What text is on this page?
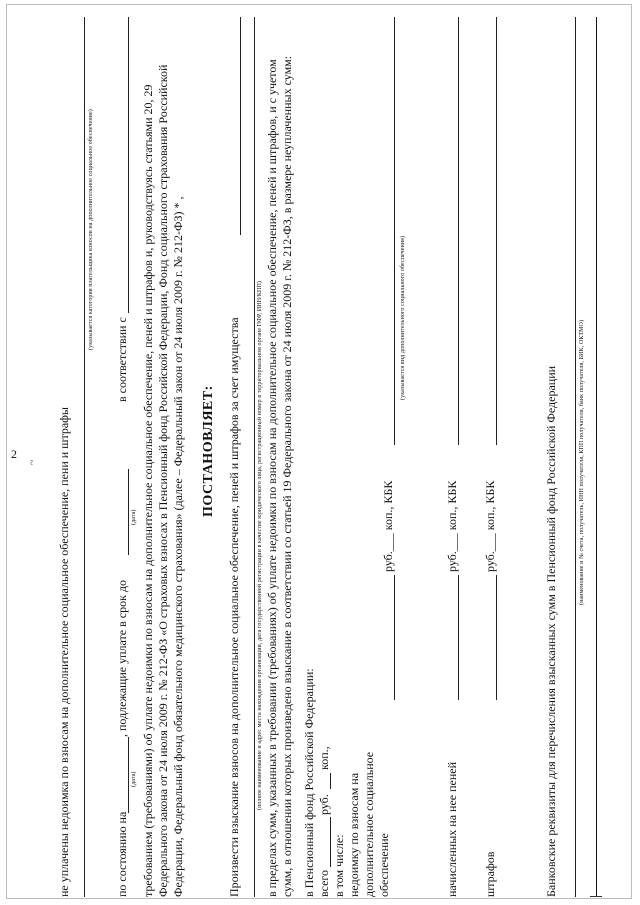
2
~ не уплачены недоимка по взносам на дополнительное социальное обеспечение, пени и штрафы
(указывается категория плательщика взносов на дополнительное социальное обеспечение)
по состоянию на
(дата)
, подлежащие уплате в срок до
(дата)
в соответствии с требованием (требованиями) об уплате недоимки по взносам на дополнительное социальное обеспечение, пеней и штрафов и, руководствуясь статьями 20, 29 Федерального закона от 24 июля 2009 г. № 212-ФЗ «О страховых взносах в Пенсионный фонд Российской Федерации, Фонд социального страхования Российской Федерации, Федеральный фонд обязательного медицинского страхования» (далее – Федеральный закон от 24 июля 2009 г. № 212-ФЗ) * , ПОСТАНОВЛЯЕТ: Произвести взыскание взносов на дополнительное социальное обеспечение, пеней и штрафов за счет имущества	(полное наименование и адрес места нахождения организации, дата государственной регистрации в качестве юридического лица, регистрационный номер в территориальном органе ПФР, ИНН/КПП) в пределах сумм, указанных в требовании (требованиях) об уплате недоимки по взносам на дополнительное социальное обеспечение, пеней и штрафов, и с учетом сумм, в отношении которых произведено взыскание в соответствии со статьей 19 Федерального закона от 24 июля 2009 г. № 212-ФЗ, в размере неуплаченных сумм: в Пенсионный фонд Российской Федерации: всего
руб.
коп.,
в том числе: недоимку по взносам на дополнительное социальное обеспечение
руб.___ коп., КБК
(указывается вид дополнительного социального обеспечения)
начисленных на нее пеней
руб.___ коп., КБК
штрафов
руб.___ коп., КБК	Банковские реквизиты для перечисления взысканных сумм в Пенсионный фонд Российской Федерации	(наименование и № счета, получатель, ИНН получателя, КПП получателя, банк получателя, БИК, ОКТМО)
